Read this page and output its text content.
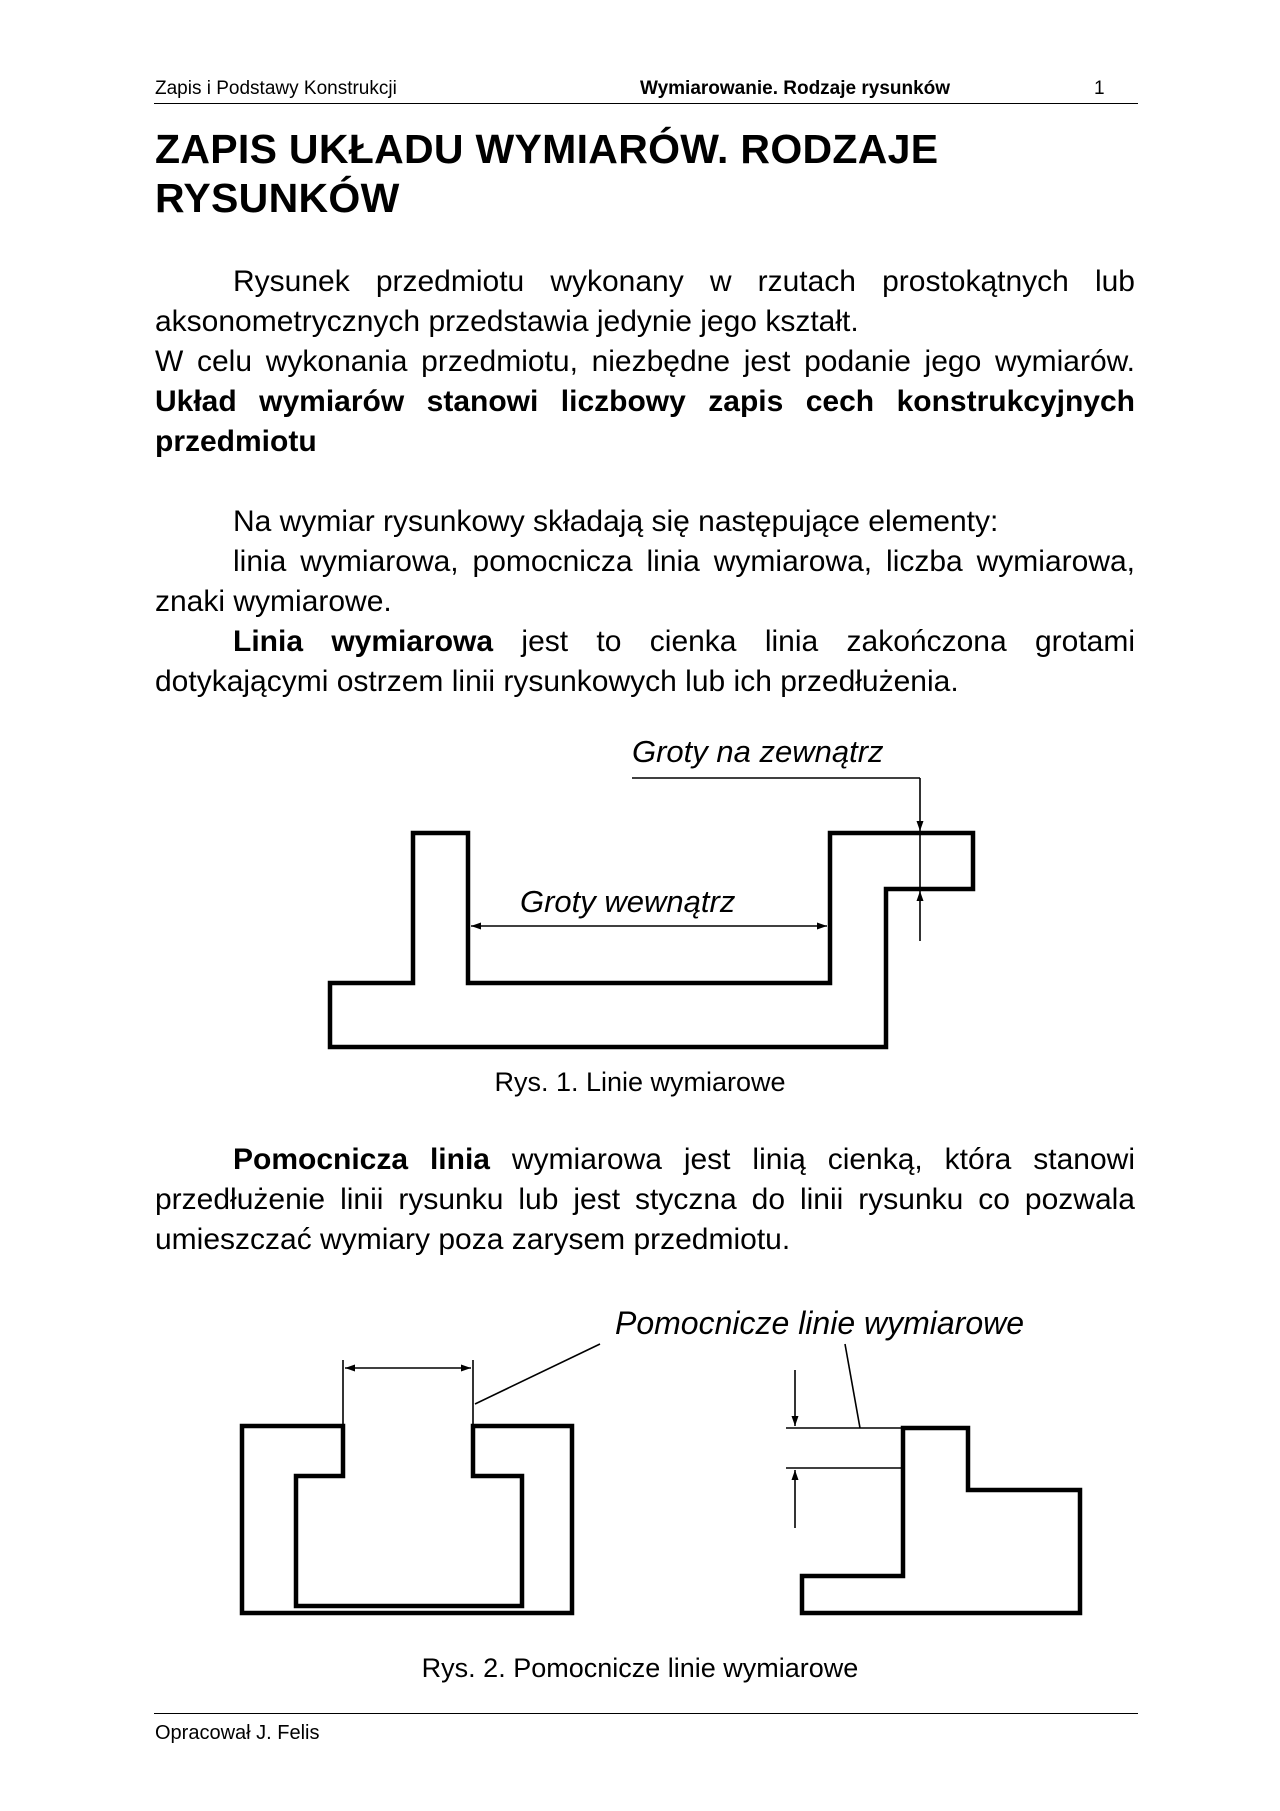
Zapis i Podstawy Konstrukcji	Wymiarowanie. Rodzaje rysunków	1
ZAPIS UKŁADU WYMIARÓW. RODZAJE RYSUNKÓW

Rysunek przedmiotu wykonany w rzutach prostokątnych lub aksonometrycznych przedstawia jedynie jego kształt.

W celu wykonania przedmiotu, niezbędne jest podanie jego wymiarów. Układ wymiarów stanowi liczbowy zapis cech konstrukcyjnych przedmiotu

Na wymiar rysunkowy składają się następujące elementy:

linia wymiarowa, pomocnicza linia wymiarowa, liczba wymiarowa, znaki wymiarowe.

Linia wymiarowa jest to cienka linia zakończona grotami dotykającymi ostrzem linii rysunkowych lub ich przedłużenia.

Groty wewnątrz
Groty na zewnątrz
Rys. 1. Linie wymiarowe

Pomocnicza linia wymiarowa jest linią cienką, która stanowi przedłużenie linii rysunku lub jest styczna do linii rysunku co pozwala umieszczać wymiary poza zarysem przedmiotu.

Pomocnicze linie wymiarowe
Rys. 2. Pomocnicze linie wymiarowe
Opracował J. Felis
